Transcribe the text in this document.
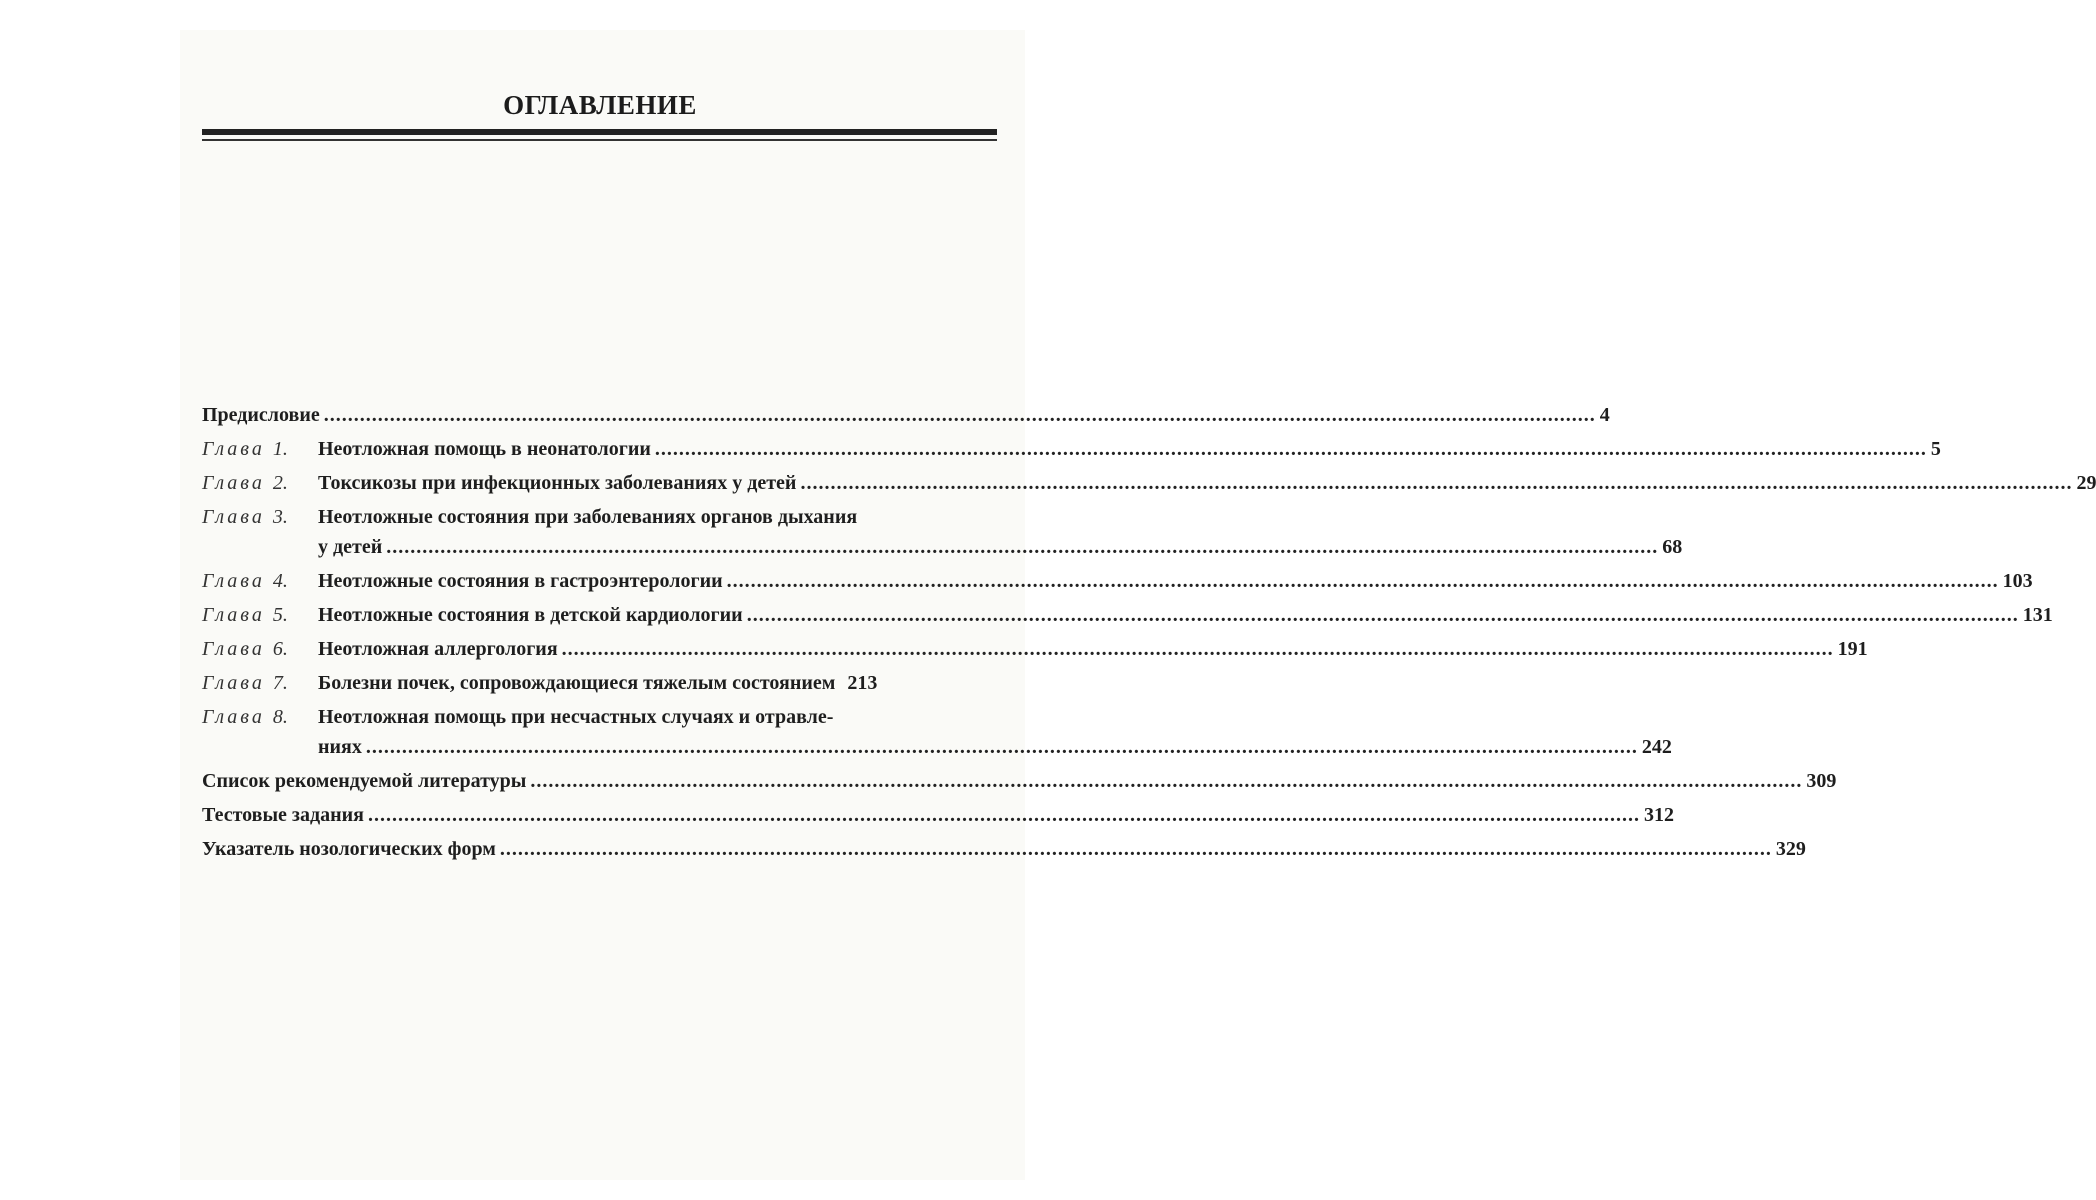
ОГЛАВЛЕНИЕ
Предисловие .....	4
Глава 1.	Неотложная помощь в неонатологии .....	5
Глава 2.	Токсикозы при инфекционных заболеваниях у детей .....	29
Глава 3.	Неотложные состояния при заболеваниях органов дыхания
у детей .....	68
Глава 4.	Неотложные состояния в гастроэнтерологии .....	103
Глава 5.	Неотложные состояния в детской кардиологии .....	131
Глава 6.	Неотложная аллергология .....	191
Глава 7.	Болезни почек, сопровождающиеся тяжелым состоянием 213
Глава 8.	Неотложная помощь при несчастных случаях и отравле-
ниях .....	242
Список рекомендуемой литературы .....	309
Тестовые задания .....	312
Указатель нозологических форм .....	329
